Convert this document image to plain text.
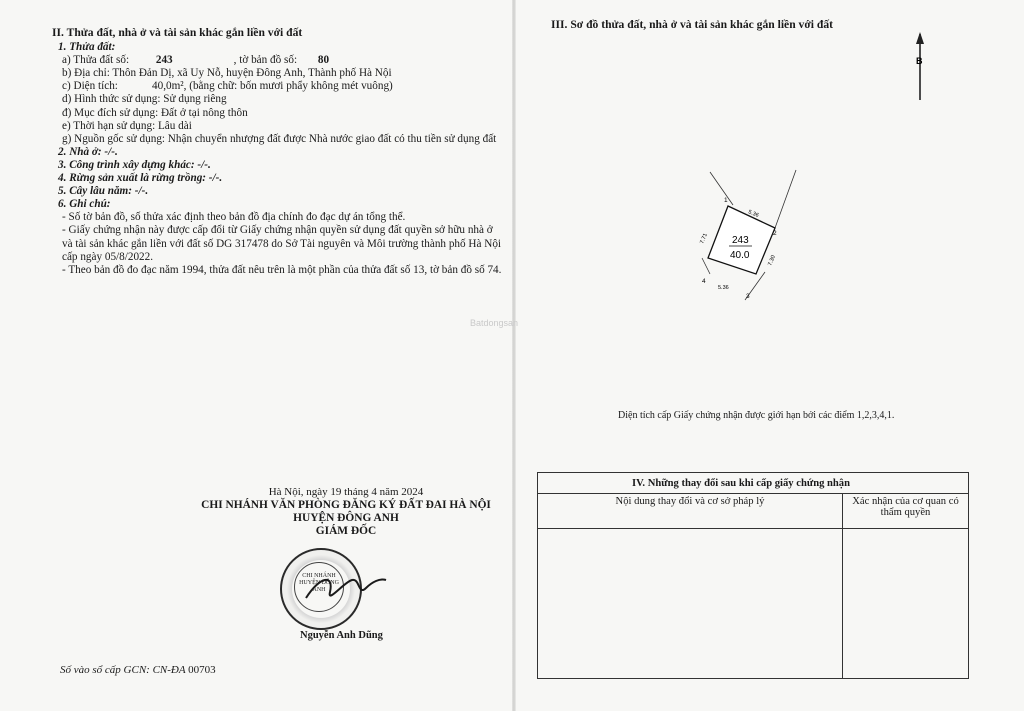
II. Thửa đất, nhà ở và tài sản khác gắn liền với đất
1. Thửa đất:
a) Thửa đất số: 243	, tờ bản đồ số: 80
b) Địa chỉ: Thôn Đản Dị, xã Uy Nỗ, huyện Đông Anh, Thành phố Hà Nội
c) Diện tích:	40,0m², (bằng chữ: bốn mươi phẩy không mét vuông)
d) Hình thức sử dụng: Sử dụng riêng
đ) Mục đích sử dụng: Đất ở tại nông thôn
e) Thời hạn sử dụng: Lâu dài
g) Nguồn gốc sử dụng: Nhận chuyển nhượng đất được Nhà nước giao đất có thu tiền sử dụng đất
2. Nhà ở: -/-.
3. Công trình xây dựng khác: -/-.
4. Rừng sản xuất là rừng trồng: -/-.
5. Cây lâu năm: -/-.
6. Ghi chú:
- Số tờ bản đồ, số thửa xác định theo bản đồ địa chính đo đạc dự án tổng thể.
- Giấy chứng nhận này được cấp đổi từ Giấy chứng nhận quyền sử dụng đất quyền sở hữu nhà ở và tài sản khác gắn liền với đất số DG 317478 do Sở Tài nguyên và Môi trường thành phố Hà Nội cấp ngày 05/8/2022.
- Theo bản đồ đo đạc năm 1994, thửa đất nêu trên là một phần của thửa đất số 13, tờ bản đồ số 74.
Hà Nội, ngày 19 tháng 4 năm 2024
CHI NHÁNH VĂN PHÒNG ĐĂNG KÝ ĐẤT ĐAI HÀ NỘI
HUYỆN ĐÔNG ANH
GIÁM ĐỐC
CHI NHÁNH HUYỆN ĐÔNG ANH
Nguyễn Anh Dũng
Số vào sổ cấp GCN: CN-ĐA 00703
III. Sơ đồ thửa đất, nhà ở và tài sản khác gắn liền với đất
B
243
40.0
1
2
3
4
5.36
7.30
5.36
7.71
Diện tích cấp Giấy chứng nhận được giới hạn bởi các điểm 1,2,3,4,1.
IV. Những thay đổi sau khi cấp giấy chứng nhận	
Nội dung thay đổi và cơ sở pháp lý	Xác nhận của cơ quan có thẩm quyền

Batdongsan
